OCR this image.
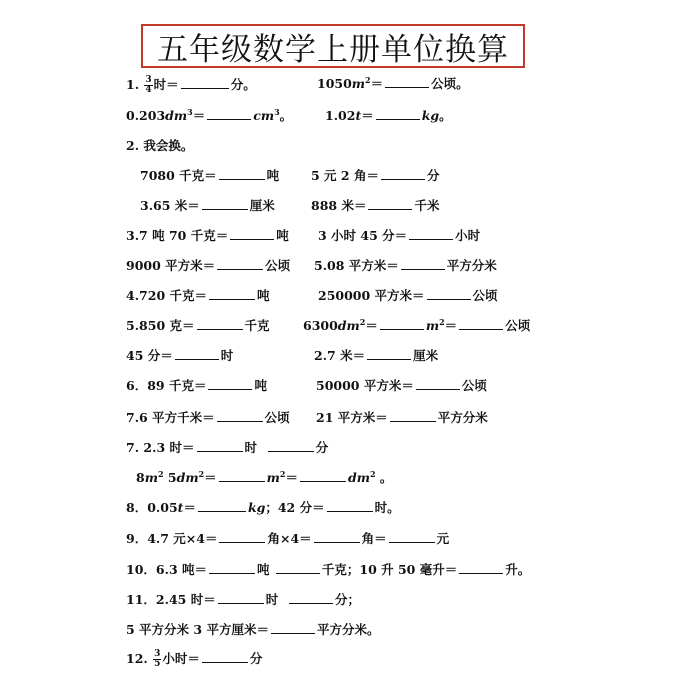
五年级数学上册单位换算
1. $\frac{3}{4}$ 时＝	分。	$1050m^2=$	公顷。
$0.203dm^3=$	$cm^3$。	1.02t＝	kg。
2. 我会换。
7080 千克＝	吨	5 元 2 角＝	分
3.65 米＝	厘米	888 米＝	千米
3.7 吨 70 千克＝	吨 3 小时 45 分＝	小时
9000 平方米＝	公顷 5.08 平方米＝	平方分米
4.720 千克＝	吨	250000 平方米＝	公顷
5.850 克＝	千克	$6300dm^2=$	$m^2=$	公顷
45 分＝	时	2.7 米＝	厘米
6．89 千克＝	吨	50000 平方米＝	公顷
7.6 平方千米＝	公顷 21 平方米＝	平方分米
7. 2.3 时＝	时	分
$8m^2$ $5dm^2=$	$m^2=$	$dm^2$ 。
8．0.05t＝	kg；42 分＝	时。
9．4.7 元×4＝	角×4＝	角＝	元
10．6.3 吨＝	吨	千克；10 升 50 毫升＝	升。
11．2.45 时＝	时	分；
5 平方分米 3 平方厘米＝	平方分米。
12. $\frac{3}{5}$ 小时＝	分
